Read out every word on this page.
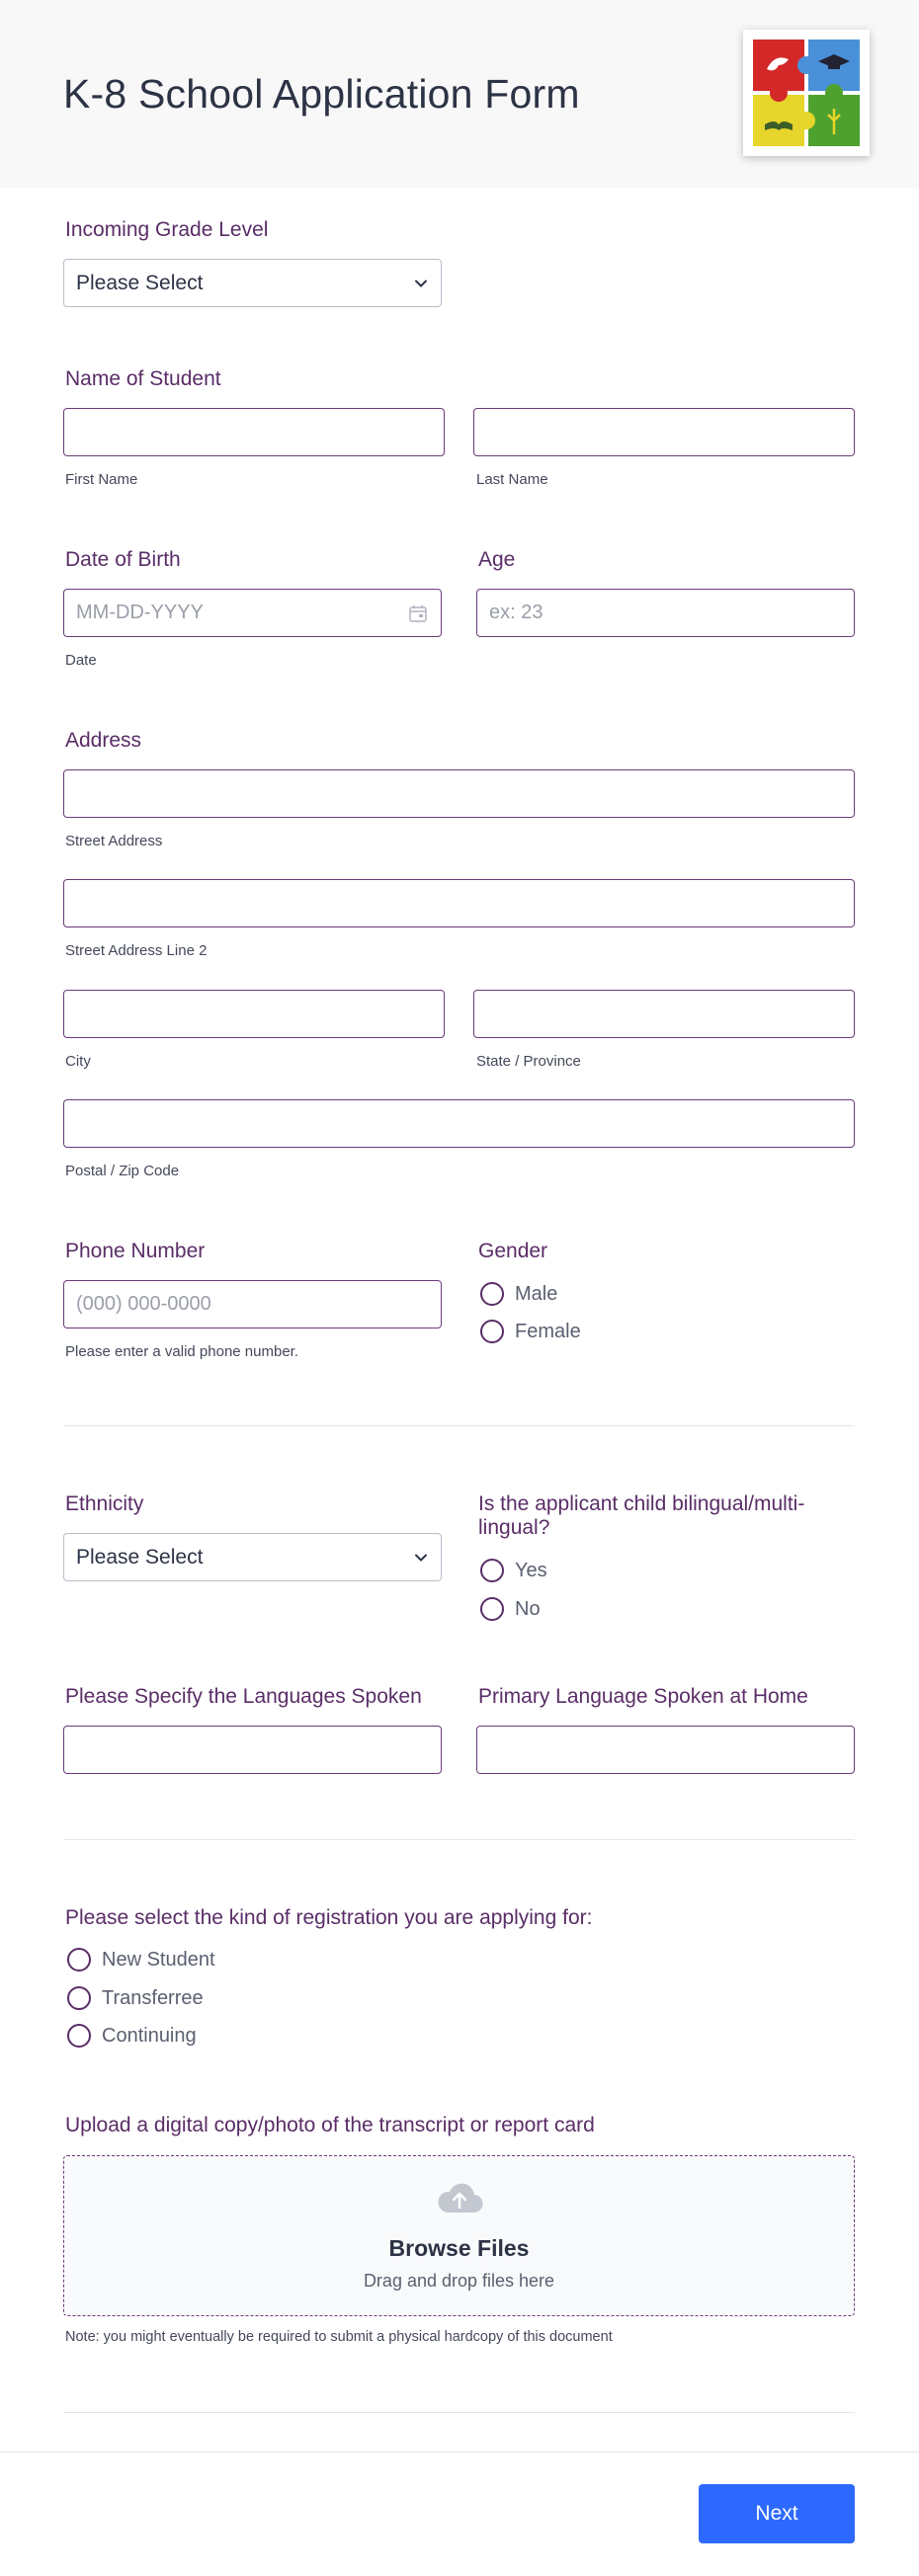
K-8 School Application Form
Incoming Grade Level
Please Select
Name of Student
First Name	Last Name
Date of Birth	Age
MM-DD-YYYY
ex: 23
Date
Address
Street Address
Street Address Line 2
City	State / Province
Postal / Zip Code
Phone Number
(000) 000-0000
Please enter a valid phone number.
Gender
Male
Female
Ethnicity
Please Select
Is the applicant child bilingual/multi-lingual?
Yes
No
Please Specify the Languages Spoken	Primary Language Spoken at Home
Please select the kind of registration you are applying for:
New Student
Transferree
Continuing
Upload a digital copy/photo of the transcript or report card
Browse Files
Drag and drop files here
Note: you might eventually be required to submit a physical hardcopy of this document
Next
